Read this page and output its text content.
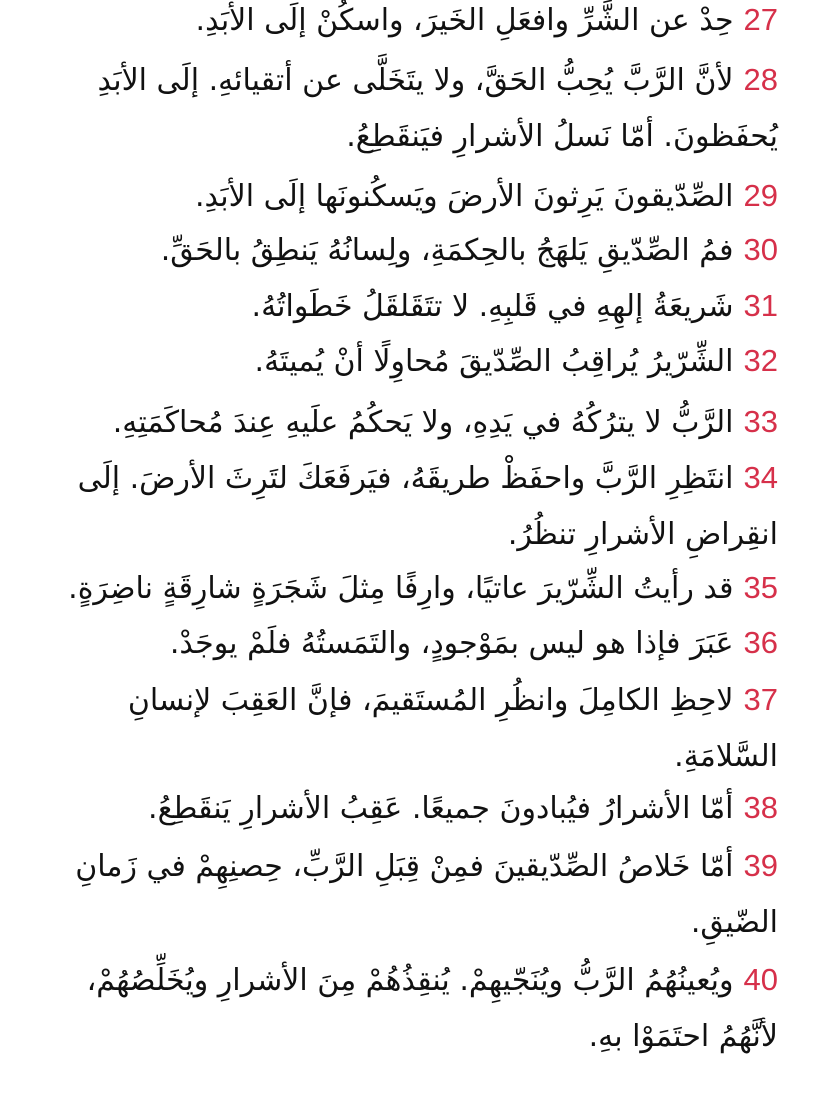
27حِدْ عن الشَّرِّ وافعَلِ الخَيرَ، واسكُنْ إلَى الأبَدِ.

28لأنَّ الرَّبَّ يُحِبُّ الحَقَّ، ولا يتَخَلَّى عن أتقيائهِ. إلَى الأبَدِ يُحفَظونَ. أمّا نَسلُ الأشرارِ فيَنقَطِعُ.

29الصِّدّيقونَ يَرِثونَ الأرضَ ويَسكُنونَها إلَى الأبَدِ.

30فمُ الصِّدّيقِ يَلهَجُ بالحِكمَةِ، ولِسانُهُ يَنطِقُ بالحَقِّ.

31شَريعَةُ إلهِهِ في قَلبِهِ. لا تتَقَلقَلُ خَطَواتُهُ.

32الشِّرّيرُ يُراقِبُ الصِّدّيقَ مُحاوِلًا أنْ يُميتَهُ.

33الرَّبُّ لا يترُكُهُ في يَدِهِ، ولا يَحكُمُ علَيهِ عِندَ مُحاكَمَتِهِ.

34انتَظِرِ الرَّبَّ واحفَظْ طريقَهُ، فيَرفَعَكَ لتَرِثَ الأرضَ. إلَى انقِراضِ الأشرارِ تنظُرُ.

35قد رأيتُ الشِّرّيرَ عاتيًا، وارِفًا مِثلَ شَجَرَةٍ شارِقَةٍ ناضِرَةٍ.

36عَبَرَ فإذا هو ليس بمَوْجودٍ، والتَمَستُهُ فلَمْ يوجَدْ.

37لاحِظِ الكامِلَ وانظُرِ المُستَقيمَ، فإنَّ العَقِبَ لإنسانِ السَّلامَةِ.

38أمّا الأشرارُ فيُبادونَ جميعًا. عَقِبُ الأشرارِ يَنقَطِعُ.

39أمّا خَلاصُ الصِّدّيقينَ فمِنْ قِبَلِ الرَّبِّ، حِصنِهِمْ في زَمانِ الضّيقِ.

40ويُعينُهُمُ الرَّبُّ ويُنَجّيهِمْ. يُنقِذُهُمْ مِنَ الأشرارِ ويُخَلِّصُهُمْ، لأنَّهُمُ احتَمَوْا بهِ.
